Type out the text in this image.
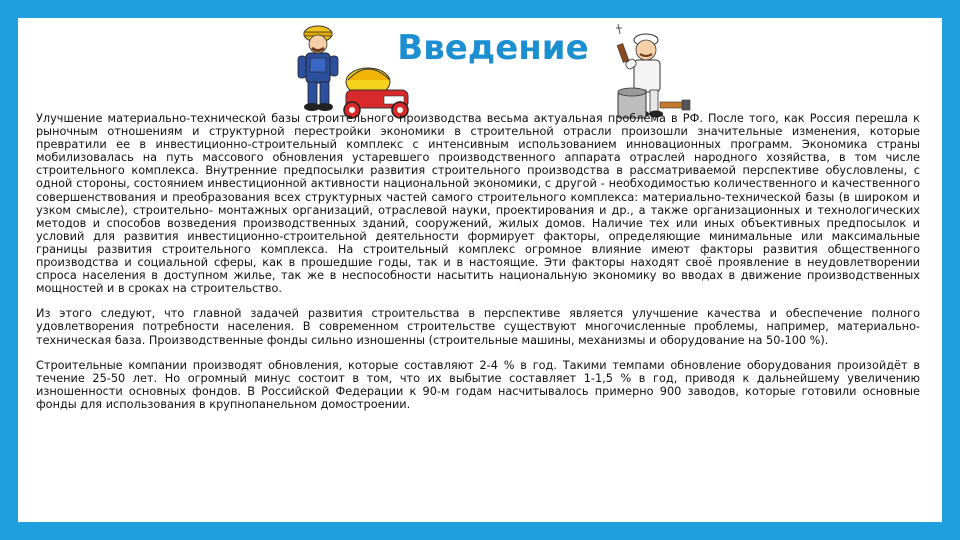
Введение

Улучшение материально-технической базы строительного производства весьма актуальная проблема в РФ. После того, как Россия перешла к рыночным отношениям и структурной перестройки экономики в строительной отрасли произошли значительные изменения, которые превратили ее в инвестиционно-строительный комплекс с интенсивным использованием инновационных программ. Экономика страны мобилизовалась на путь массового обновления устаревшего производственного аппарата отраслей народного хозяйства, в том числе строительного комплекса. Внутренние предпосылки развития строительного производства в рассматриваемой перспективе обусловлены, с одной стороны, состоянием инвестиционной активности национальной экономики, с другой - необходимостью количественного и качественного совершенствования и преобразования всех структурных частей самого строительного комплекса: материально-технической базы (в широком и узком смысле), строительно- монтажных организаций, отраслевой науки, проектирования и др., а также организационных и технологических методов и способов возведения производственных зданий, сооружений, жилых домов. Наличие тех или иных объективных предпосылок и условий для развития инвестиционно-строительной деятельности формирует факторы, определяющие минимальные или максимальные границы развития строительного комплекса. На строительный комплекс огромное влияние имеют факторы развития общественного производства и социальной сферы, как в прошедшие годы, так и в настоящие. Эти факторы находят своё проявление в неудовлетворении спроса населения в доступном жилье, так же в неспособности насытить национальную экономику во вводах в движение производственных мощностей и в сроках на строительство.

Из этого следуют, что главной задачей развития строительства в перспективе является улучшение качества и обеспечение полного удовлетворения потребности населения. В современном строительстве существуют многочисленные проблемы, например, материально- техническая база. Производственные фонды сильно изношенны (строительные машины, механизмы и оборудование на 50-100 %).

Строительные компании производят обновления, которые составляют 2-4 % в год. Такими темпами обновление оборудования произойдёт в течение 25-50 лет. Но огромный минус состоит в том, что их выбытие составляет 1-1,5 % в год, приводя к дальнейшему увеличению изношенности основных фондов. В Российской Федерации к 90-м годам насчитывалось примерно 900 заводов, которые готовили основные фонды для использования в крупнопанельном домостроении.
